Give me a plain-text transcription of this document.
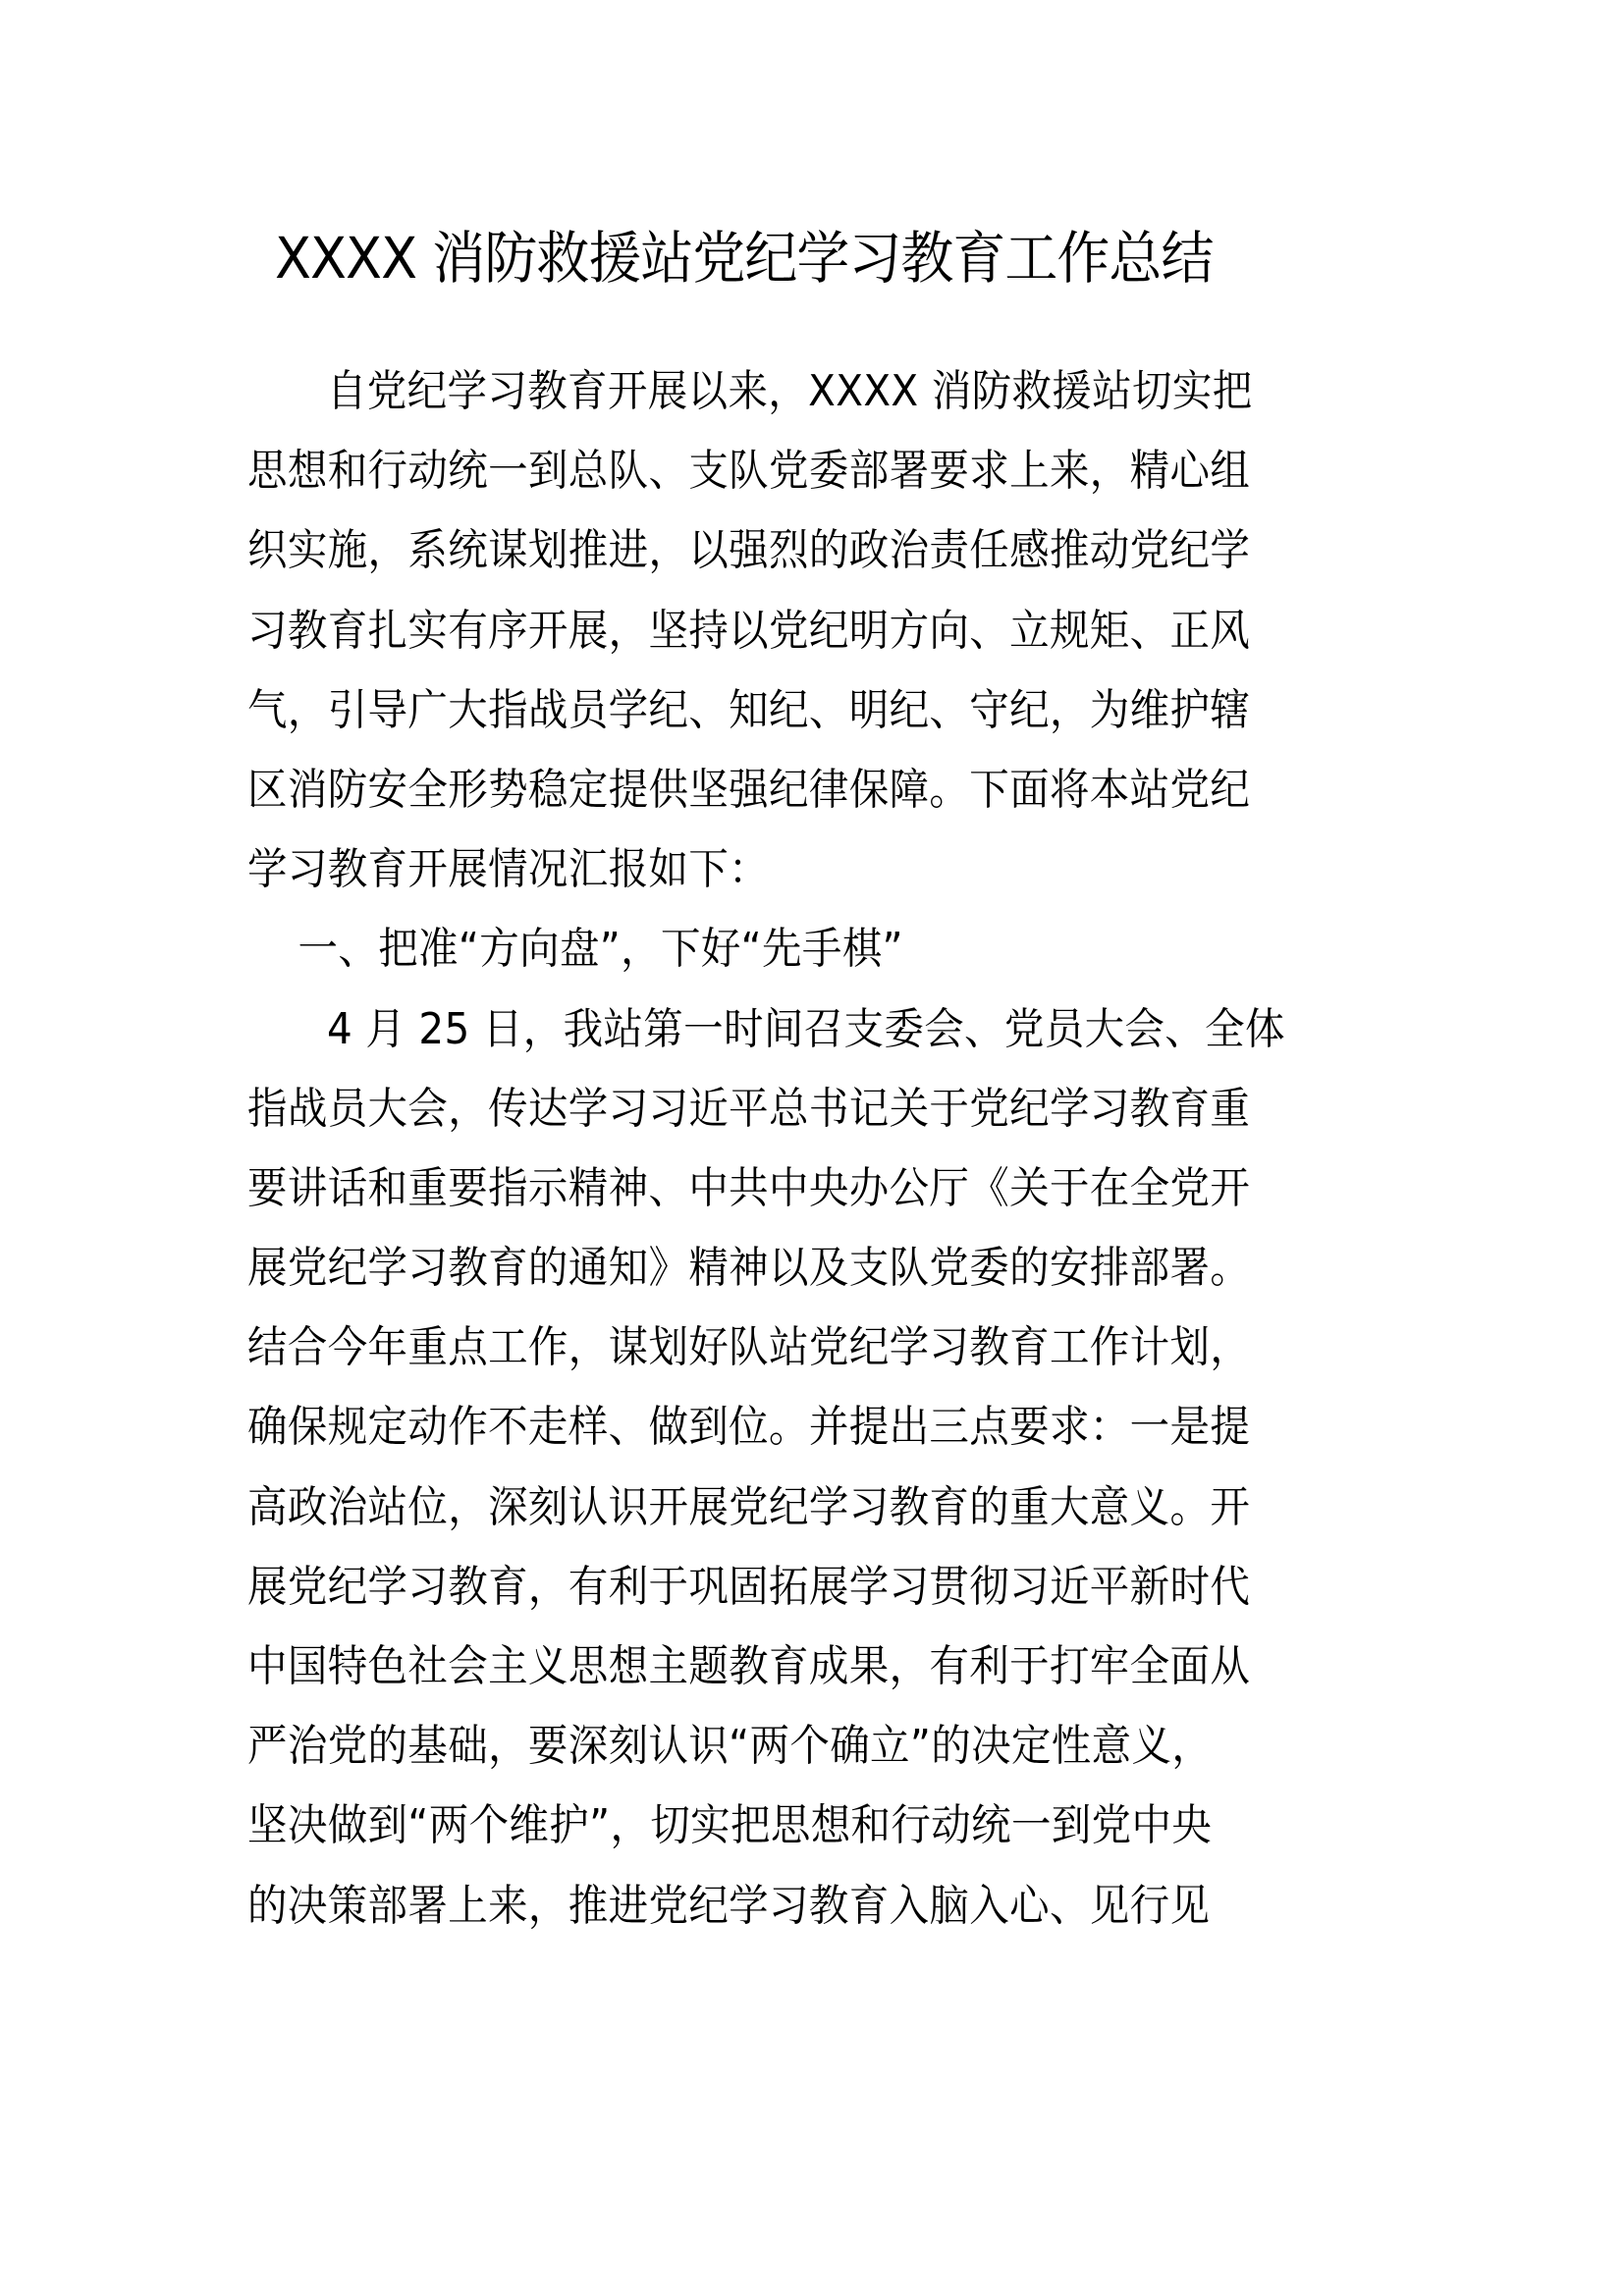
XXXX 消防救援站党纪学习教育工作总结
自党纪学习教育开展以来，XXXX 消防救援站切实把
思想和行动统一到总队、支队党委部署要求上来，精心组
织实施，系统谋划推进，以强烈的政治责任感推动党纪学
习教育扎实有序开展，坚持以党纪明方向、立规矩、正风
气，引导广大指战员学纪、知纪、明纪、守纪，为维护辖
区消防安全形势稳定提供坚强纪律保障。下面将本站党纪
学习教育开展情况汇报如下：
一、把准“方向盘”，下好“先手棋”
4 月 25 日，我站第一时间召支委会、党员大会、全体
指战员大会，传达学习习近平总书记关于党纪学习教育重
要讲话和重要指示精神、中共中央办公厅《关于在全党开
展党纪学习教育的通知》精神以及支队党委的安排部署。
结合今年重点工作，谋划好队站党纪学习教育工作计划，
确保规定动作不走样、做到位。并提出三点要求：一是提
高政治站位，深刻认识开展党纪学习教育的重大意义。开
展党纪学习教育，有利于巩固拓展学习贯彻习近平新时代
中国特色社会主义思想主题教育成果，有利于打牢全面从
严治党的基础，要深刻认识“两个确立”的决定性意义，
坚决做到“两个维护”，切实把思想和行动统一到党中央
的决策部署上来，推进党纪学习教育入脑入心、见行见
